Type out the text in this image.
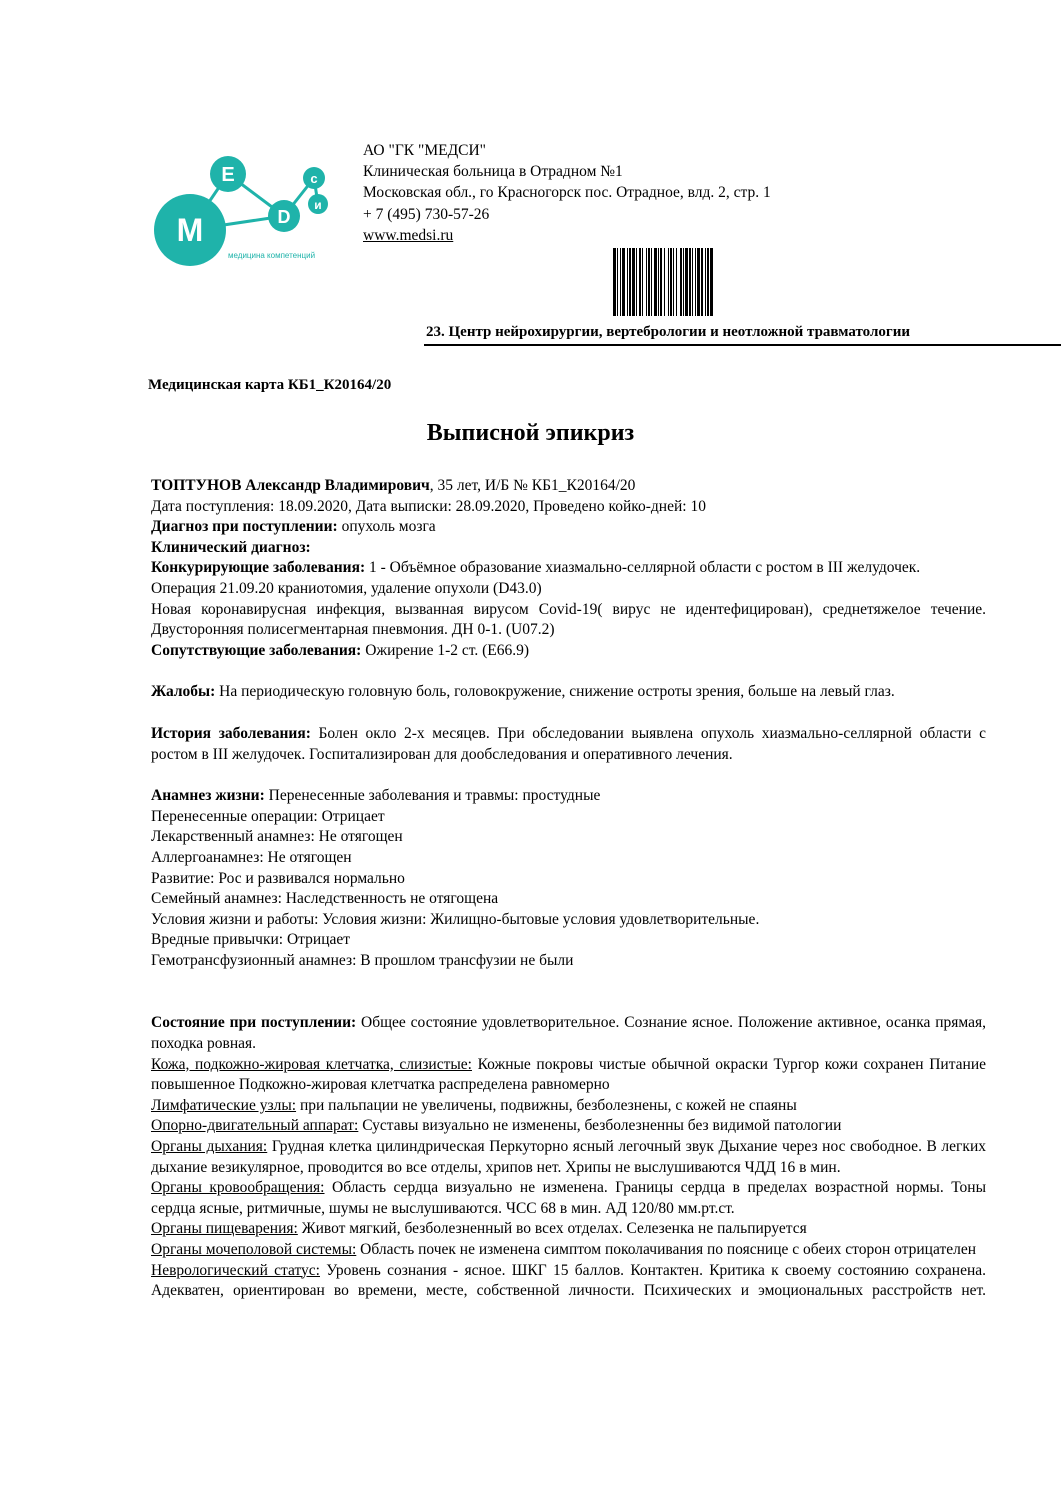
М
Е
D
с
и
медицина компетенций
АО "ГК "МЕДСИ"
Клиническая больница в Отрадном №1
Московская обл., го Красногорск пос. Отрадное, влд. 2, стр. 1
+ 7 (495) 730-57-26
www.medsi.ru
23. Центр нейрохирургии, вертебрологии и неотложной травматологии
Медицинская карта КБ1_К20164/20
Выписной эпикриз

ТОПТУНОВ Александр Владимирович, 35 лет, И/Б № КБ1_К20164/20

Дата поступления: 18.09.2020, Дата выписки: 28.09.2020, Проведено койко-дней: 10

Диагноз при поступлении: опухоль мозга

Клинический диагноз:

Конкурирующие заболевания: 1 - Объёмное образование хиазмально-селлярной области с ростом в III желудочек.

Операция 21.09.20 краниотомия, удаление опухоли (D43.0)

Новая коронавирусная инфекция, вызванная вирусом Covid-19( вирус не идентефицирован), среднетяжелое течение. Двусторонняя полисегментарная пневмония. ДН 0-1. (U07.2)

Сопутствующие заболевания: Ожирение 1-2 ст. (E66.9)

Жалобы: На периодическую головную боль, головокружение, снижение остроты зрения, больше на левый глаз.

История заболевания: Болен окло 2-х месяцев. При обследовании выявлена опухоль хиазмально-селлярной области с ростом в III желудочек. Госпитализирован для дообследования и оперативного лечения.

Анамнез жизни: Перенесенные заболевания и травмы: простудные

Перенесенные операции: Отрицает

Лекарственный анамнез: Не отягощен

Аллергоанамнез: Не отягощен

Развитие: Рос и развивался нормально

Семейный анамнез: Наследственность не отягощена

Условия жизни и работы: Условия жизни: Жилищно-бытовые условия удовлетворительные.

Вредные привычки: Отрицает

Гемотрансфузионный анамнез: В прошлом трансфузии не были

Состояние при поступлении: Общее состояние удовлетворительное. Сознание ясное. Положение активное, осанка прямая, походка ровная.

Кожа, подкожно-жировая клетчатка, слизистые: Кожные покровы чистые обычной окраски Тургор кожи сохранен Питание повышенное Подкожно-жировая клетчатка распределена равномерно

Лимфатические узлы: при пальпации не увеличены, подвижны, безболезнены, с кожей не спаяны

Опорно-двигательный аппарат: Суставы визуально не изменены, безболезненны без видимой патологии

Органы дыхания: Грудная клетка цилиндрическая Перкуторно ясный легочный звук Дыхание через нос свободное. В легких дыхание везикулярное, проводится во все отделы, хрипов нет. Хрипы не выслушиваются ЧДД 16 в мин.

Органы кровообращения: Область сердца визуально не изменена. Границы сердца в пределах возрастной нормы. Тоны сердца ясные, ритмичные, шумы не выслушиваются. ЧСС 68 в мин. АД 120/80 мм.рт.ст.

Органы пищеварения: Живот мягкий, безболезненный во всех отделах. Селезенка не пальпируется

Органы мочеполовой системы: Область почек не изменена симптом поколачивания по пояснице с обеих сторон отрицателен

Неврологический статус: Уровень сознания - ясное. ШКГ 15 баллов. Контактен. Критика к своему состоянию сохранена. Адекватен, ориентирован во времени, месте, собственной личности. Психических и эмоциональных расстройств нет.
